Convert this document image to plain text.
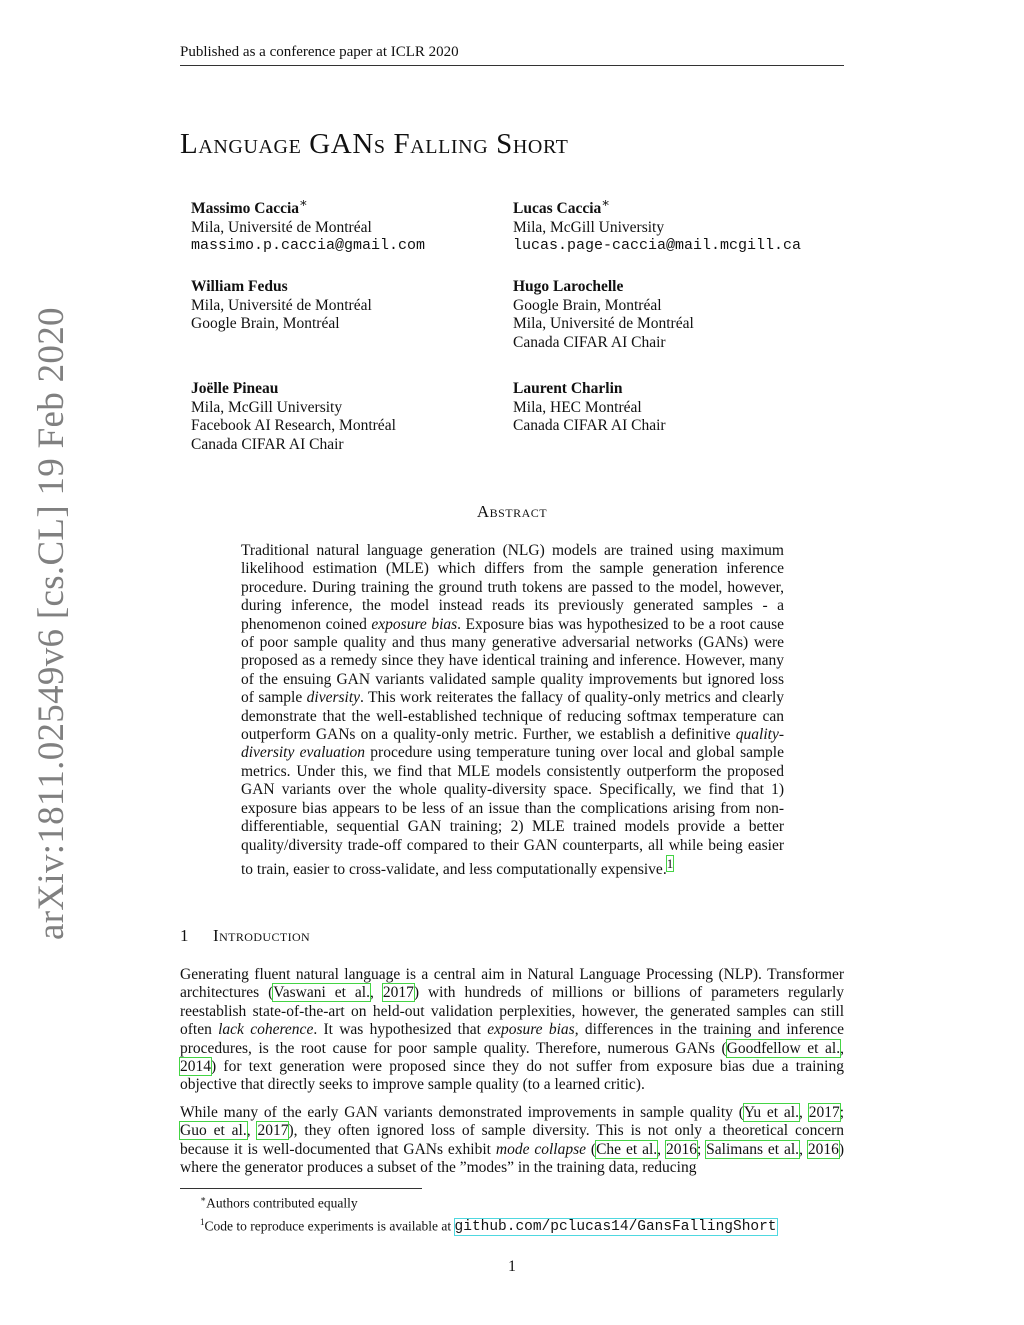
Published as a conference paper at ICLR 2020
arXiv:1811.02549v6 [cs.CL] 19 Feb 2020
Language GANs Falling Short
Massimo Caccia∗
Mila, Université de Montréal
massimo.p.caccia@gmail.com
Lucas Caccia∗
Mila, McGill University
lucas.page-caccia@mail.mcgill.ca
William Fedus
Mila, Université de Montréal
Google Brain, Montréal
Hugo Larochelle
Google Brain, Montréal
Mila, Université de Montréal
Canada CIFAR AI Chair
Joëlle Pineau
Mila, McGill University
Facebook AI Research, Montréal
Canada CIFAR AI Chair
Laurent Charlin
Mila, HEC Montréal
Canada CIFAR AI Chair
Abstract
Traditional natural language generation (NLG) models are trained using maximum likelihood estimation (MLE) which differs from the sample generation inference procedure. During training the ground truth tokens are passed to the model, however, during inference, the model instead reads its previously generated samples - a phenomenon coined exposure bias. Exposure bias was hypothesized to be a root cause of poor sample quality and thus many generative adversarial networks (GANs) were proposed as a remedy since they have identical training and inference. However, many of the ensuing GAN variants validated sample quality improvements but ignored loss of sample diversity. This work reiterates the fallacy of quality-only metrics and clearly demonstrate that the well-established technique of reducing softmax temperature can outperform GANs on a quality-only metric. Further, we establish a definitive quality-diversity evaluation procedure using temperature tuning over local and global sample metrics. Under this, we find that MLE models consistently outperform the proposed GAN variants over the whole quality-diversity space. Specifically, we find that 1) exposure bias appears to be less of an issue than the complications arising from non-differentiable, sequential GAN training; 2) MLE trained models provide a better quality/diversity trade-off compared to their GAN counterparts, all while being easier to train, easier to cross-validate, and less computationally expensive.$^1$
1 Introduction
Generating fluent natural language is a central aim in Natural Language Processing (NLP). Transformer architectures (Vaswani et al., 2017) with hundreds of millions or billions of parameters regularly reestablish state-of-the-art on held-out validation perplexities, however, the generated samples can still often lack coherence. It was hypothesized that exposure bias, differences in the training and inference procedures, is the root cause for poor sample quality. Therefore, numerous GANs (Goodfellow et al., 2014) for text generation were proposed since they do not suffer from exposure bias due a training objective that directly seeks to improve sample quality (to a learned critic).
While many of the early GAN variants demonstrated improvements in sample quality (Yu et al., 2017; Guo et al., 2017), they often ignored loss of sample diversity. This is not only a theoretical concern because it is well-documented that GANs exhibit mode collapse (Che et al., 2016; Salimans et al., 2016) where the generator produces a subset of the ”modes” in the training data, reducing
∗Authors contributed equally
$^1$Code to reproduce experiments is available at github.com/pclucas14/GansFallingShort
1
